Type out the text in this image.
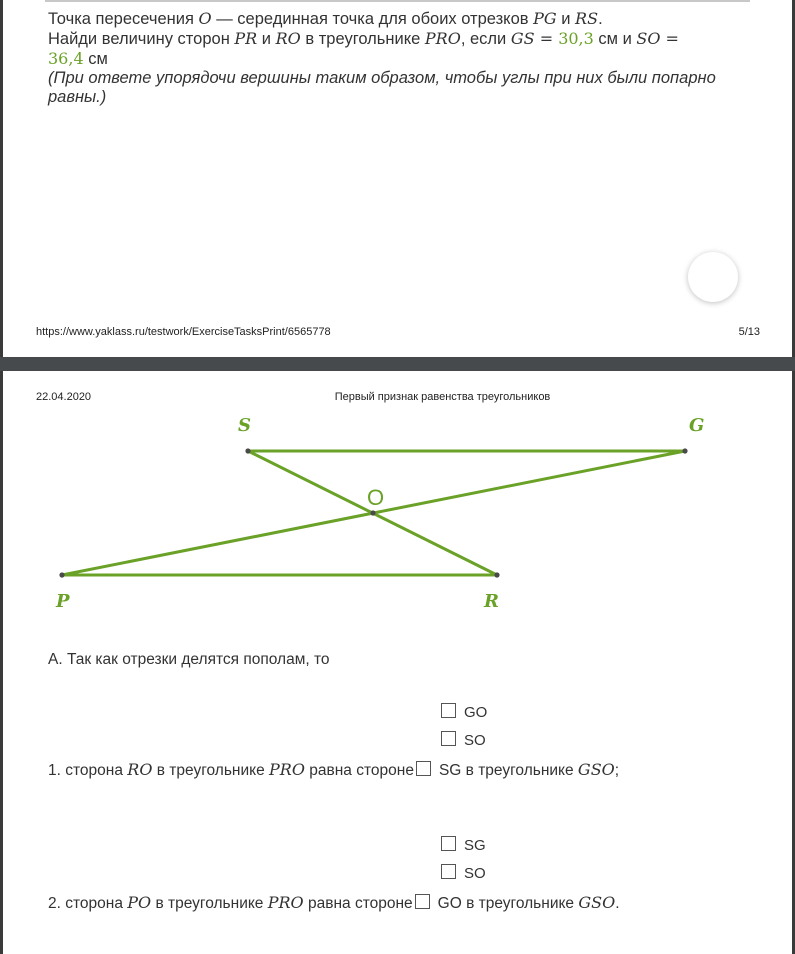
Точка пересечения O — серединная точка для обоих отрезков PG и RS.
Найди величину сторон PR и RO в треугольнике PRO, если GS = 30,3 см и SO =
36,4 см
(При ответе упорядочи вершины таким образом, чтобы углы при них были попарно равны.)
https://www.yaklass.ru/testwork/ExerciseTasksPrint/6565778	5/13
22.04.2020	Первый признак равенства треугольников
S	G
O
P	R
А. Так как отрезки делятся пополам, то
GO
SO
1. сторона RO в треугольнике PRO равна стороне SG в треугольнике GSO;
SG
SO
2. сторона PO в треугольнике PRO равна стороне GO в треугольнике GSO.
